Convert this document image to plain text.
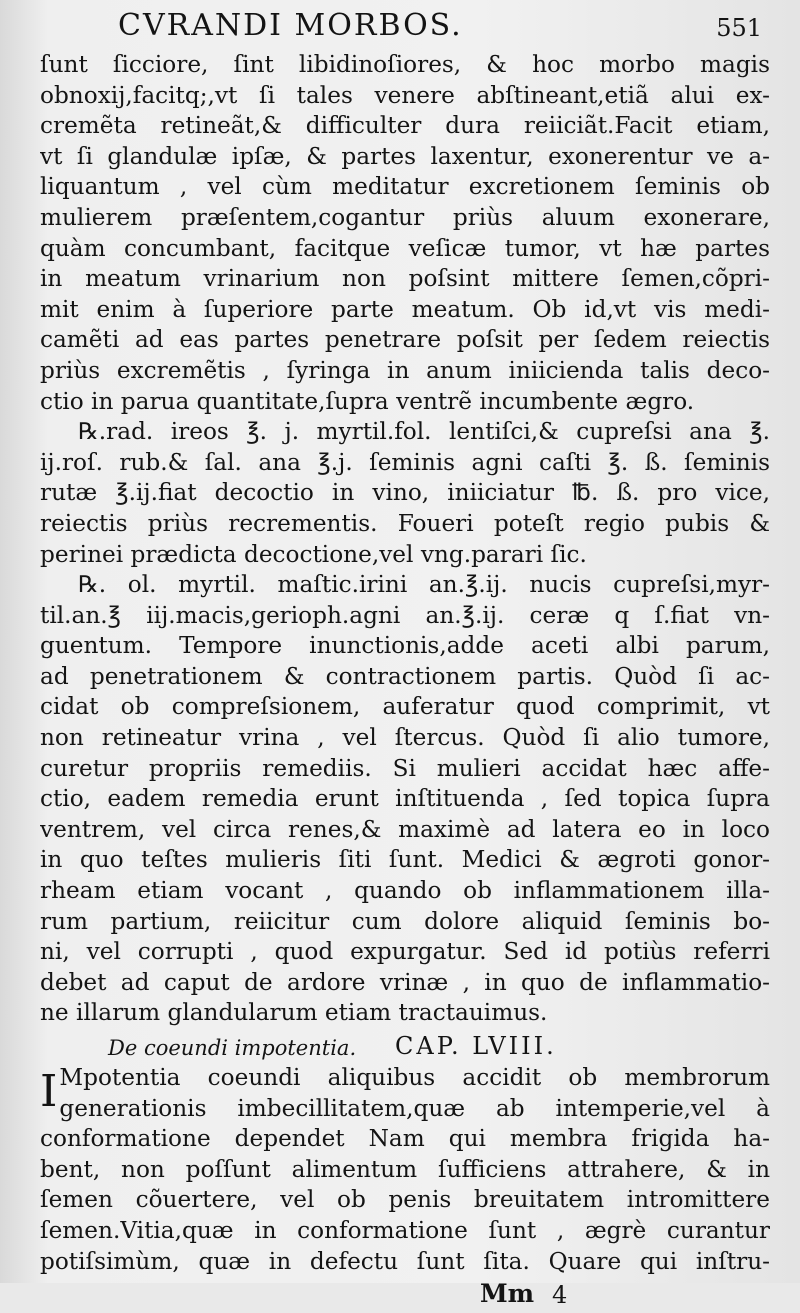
CVRANDI MORBOS.	551
ſunt ſicciore, ſint libidinoſiores, & hoc morbo magis
obnoxij,facitq;,vt ſi tales venere abſtineant,etiã alui ex-
cremẽta retineãt,& difficulter dura reiiciãt.Facit etiam,
vt ſi glandulæ ipſæ, & partes laxentur, exonerentur ve a-
liquantum , vel cùm meditatur excretionem ſeminis ob
mulierem præſentem,cogantur priùs aluum exonerare,
quàm concumbant, facitque veſicæ tumor, vt hæ partes
in meatum vrinarium non poſsint mittere ſemen,cõpri-
mit enim à ſuperiore parte meatum. Ob id,vt vis medi-
camẽti ad eas partes penetrare poſsit per ſedem reiectis
priùs excremẽtis , ſyringa in anum iniicienda talis deco-
ctio in parua quantitate,ſupra ventrẽ incumbente ægro.
℞.rad. ireos ℥. j. myrtil.fol. lentiſci,& cupreſsi ana ℥.
ij.roſ. rub.& ſal. ana ℥.j. ſeminis agni caſti ℥. ß. ſeminis
rutæ ℥.ij.fiat decoctio in vino, iniiciatur ℔. ß. pro vice,
reiectis priùs recrementis. Foueri poteſt regio pubis &
perinei prædicta decoctione,vel vng.parari ſic.
℞. ol. myrtil. maſtic.irini an.℥.ij. nucis cupreſsi,myr-
til.an.℥ iij.macis,gerioph.agni an.℥.ij. ceræ q ſ.fiat vn-
guentum. Tempore inunctionis,adde aceti albi parum,
ad penetrationem & contractionem partis. Quòd ſi ac-
cidat ob compreſsionem, auferatur quod comprimit, vt
non retineatur vrina , vel ſtercus. Quòd ſi alio tumore,
curetur propriis remediis. Si mulieri accidat hæc affe-
ctio, eadem remedia erunt inſtituenda , ſed topica ſupra
ventrem, vel circa renes,& maximè ad latera eo in loco
in quo teſtes mulieris ſiti ſunt. Medici & ægroti gonor-
rheam etiam vocant , quando ob inflammationem illa-
rum partium, reiicitur cum dolore aliquid ſeminis bo-
ni, vel corrupti , quod expurgatur. Sed id potiùs referri
debet ad caput de ardore vrinæ , in quo de inflammatio-
ne illarum glandularum etiam tractauimus.
De coeundi impotentia. CAP. LVIII.
I Mpotentia coeundi aliquibus accidit ob membrorum
generationis imbecillitatem,quæ ab intemperie,vel à
conformatione dependet Nam qui membra frigida ha-
bent, non poſſunt alimentum ſufficiens attrahere, & in
ſemen cõuertere, vel ob penis breuitatem intromittere
ſemen.Vitia,quæ in conformatione ſunt , ægrè curantur
potiſsimùm, quæ in defectu ſunt ſita. Quare qui inſtru-
Mm 4
